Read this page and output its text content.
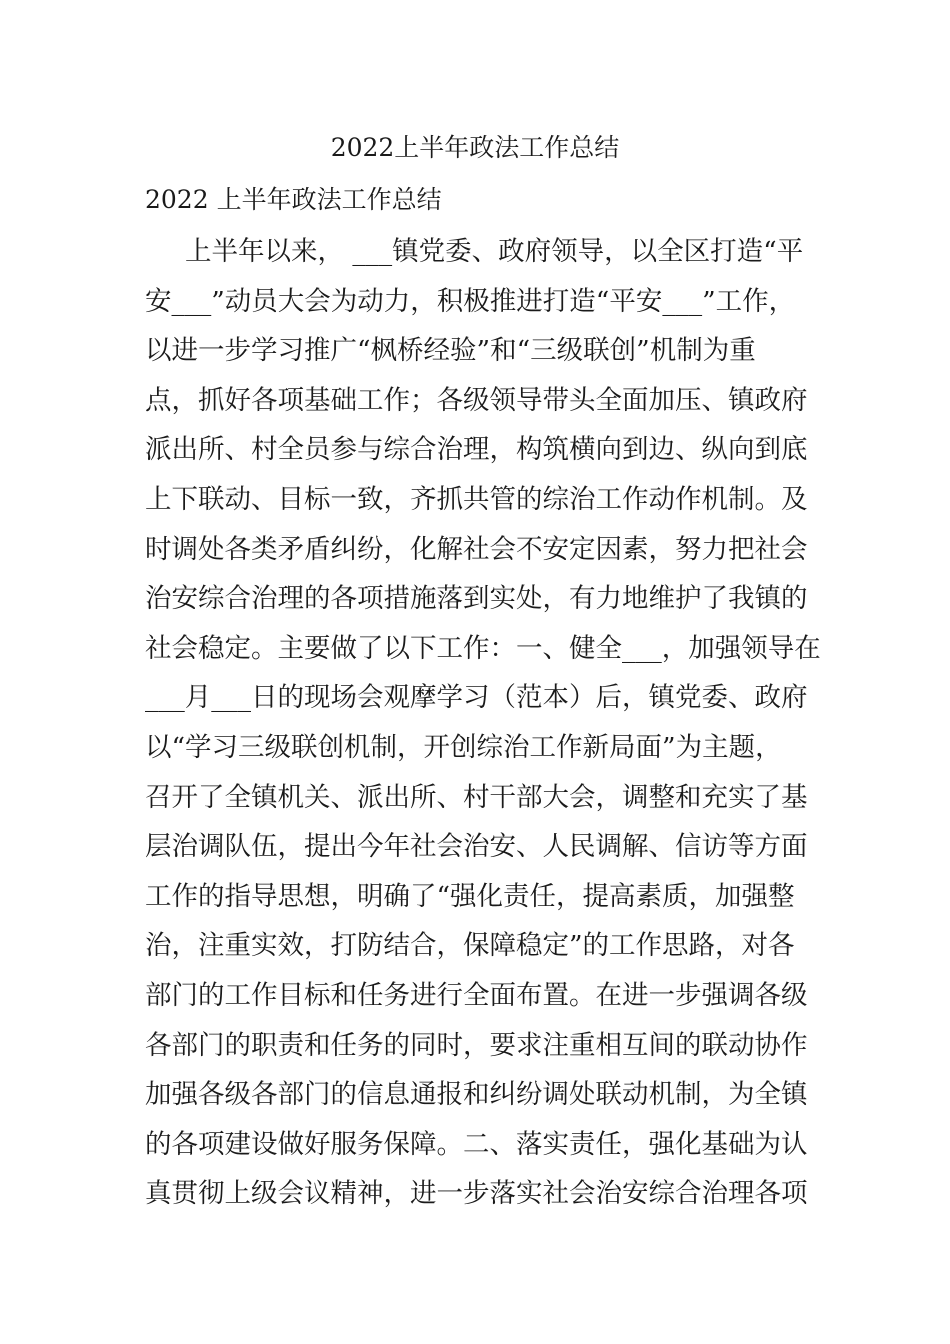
2022上半年政法工作总结
2022 上半年政法工作总结
上半年以来， ___镇党委、政府领导，以全区打造“平
安___”动员大会为动力，积极推进打造“平安___”工作，
以进一步学习推广“枫桥经验”和“三级联创”机制为重
点，抓好各项基础工作；各级领导带头全面加压、镇政府
派出所、村全员参与综合治理，构筑横向到边、纵向到底
上下联动、目标一致，齐抓共管的综治工作动作机制。及
时调处各类矛盾纠纷，化解社会不安定因素，努力把社会
治安综合治理的各项措施落到实处，有力地维护了我镇的
社会稳定。主要做了以下工作：一、健全___，加强领导在
___月___日的现场会观摩学习（范本）后，镇党委、政府
以“学习三级联创机制，开创综治工作新局面”为主题，
召开了全镇机关、派出所、村干部大会，调整和充实了基
层治调队伍，提出今年社会治安、人民调解、信访等方面
工作的指导思想，明确了“强化责任，提高素质，加强整
治，注重实效，打防结合，保障稳定”的工作思路，对各
部门的工作目标和任务进行全面布置。在进一步强调各级
各部门的职责和任务的同时，要求注重相互间的联动协作
加强各级各部门的信息通报和纠纷调处联动机制，为全镇
的各项建设做好服务保障。二、落实责任，强化基础为认
真贯彻上级会议精神，进一步落实社会治安综合治理各项
